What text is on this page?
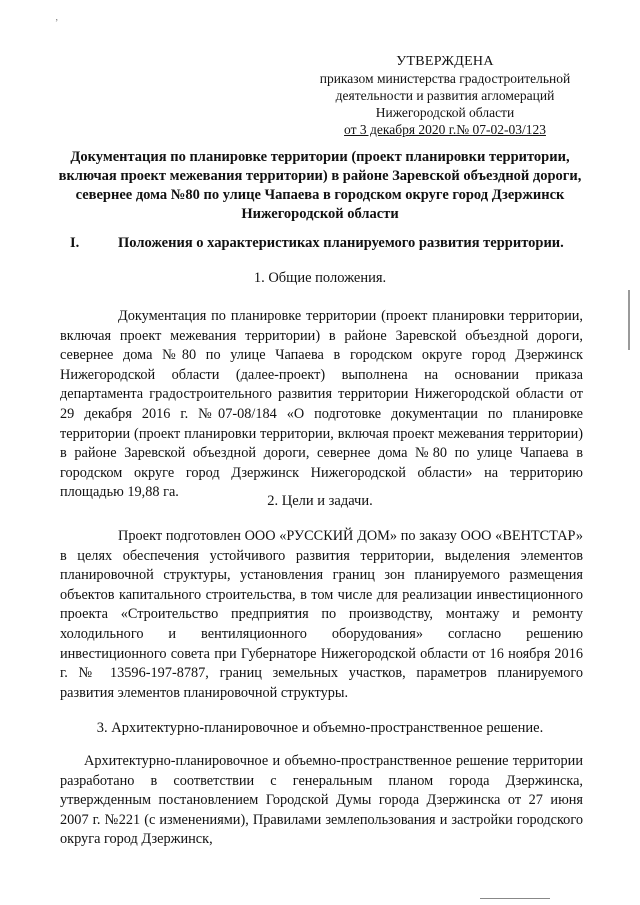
’
УТВЕРЖДЕНА
приказом министерства градостроительной
деятельности и развития агломераций
Нижегородской области
от 3 декабря 2020 г.№ 07-02-03/123
Документация по планировке территории (проект планировки территории, включая проект межевания территории) в районе Заревской объездной дороги, севернее дома №80 по улице Чапаева в городском округе город Дзержинск Нижегородской области
I.	Положения о характеристиках планируемого развития территории.
1. Общие положения.

Документация по планировке территории (проект планировки территории, включая проект межевания территории) в районе Заревской объездной дороги, севернее дома №80 по улице Чапаева в городском округе город Дзержинск Нижегородской области (далее-проект) выполнена на основании приказа департамента градостроительного развития территории Нижегородской области от 29 декабря 2016 г. №07-08/184 «О подготовке документации по планировке территории (проект планировки территории, включая проект межевания территории) в районе Заревской объездной дороги, севернее дома №80 по улице Чапаева в городском округе город Дзержинск Нижегородской области» на территорию площадью 19,88 га.

2. Цели и задачи.

Проект подготовлен ООО «РУССКИЙ ДОМ» по заказу ООО «ВЕНТСТАР» в целях обеспечения устойчивого развития территории, выделения элементов планировочной структуры, установления границ зон планируемого размещения объектов капитального строительства, в том числе для реализации инвестиционного проекта «Строительство предприятия по производству, монтажу и ремонту холодильного и вентиляционного оборудования» согласно решению инвестиционного совета при Губернаторе Нижегородской области от 16 ноября 2016 г. № 13596-197-8787, границ земельных участков, параметров планируемого развития элементов планировочной структуры.

3. Архитектурно-планировочное и объемно-пространственное решение.

Архитектурно-планировочное и объемно-пространственное решение территории разработано в соответствии с генеральным планом города Дзержинска, утвержденным постановлением Городской Думы города Дзержинска от 27 июня 2007 г. №221 (с изменениями), Правилами землепользования и застройки городского округа город Дзержинск,
